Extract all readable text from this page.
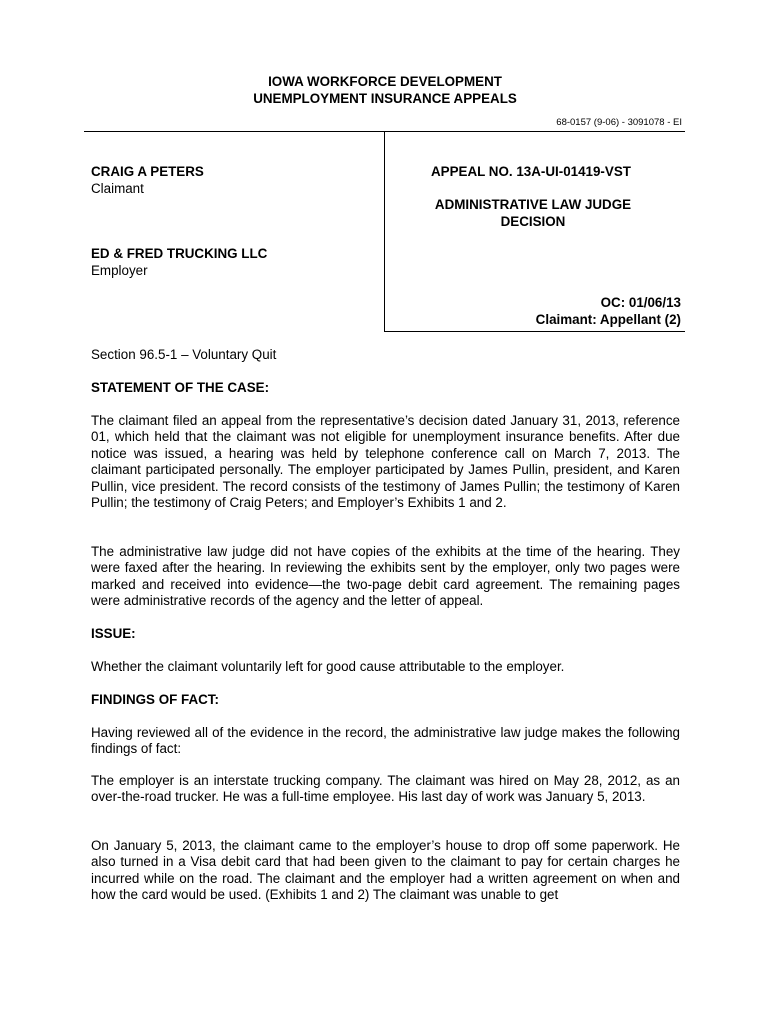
IOWA WORKFORCE DEVELOPMENT
UNEMPLOYMENT INSURANCE APPEALS
68-0157 (9-06) - 3091078 - EI
CRAIG A PETERS
Claimant
ED & FRED TRUCKING LLC
Employer
APPEAL NO. 13A-UI-01419-VST
ADMINISTRATIVE LAW JUDGE
DECISION
OC: 01/06/13
Claimant: Appellant (2)
Section 96.5-1 – Voluntary Quit
STATEMENT OF THE CASE:
The claimant filed an appeal from the representative’s decision dated January 31, 2013, reference 01, which held that the claimant was not eligible for unemployment insurance benefits. After due notice was issued, a hearing was held by telephone conference call on March 7, 2013. The claimant participated personally. The employer participated by James Pullin, president, and Karen Pullin, vice president. The record consists of the testimony of James Pullin; the testimony of Karen Pullin; the testimony of Craig Peters; and Employer’s Exhibits 1 and 2.
The administrative law judge did not have copies of the exhibits at the time of the hearing. They were faxed after the hearing. In reviewing the exhibits sent by the employer, only two pages were marked and received into evidence—the two-page debit card agreement. The remaining pages were administrative records of the agency and the letter of appeal.
ISSUE:
Whether the claimant voluntarily left for good cause attributable to the employer.
FINDINGS OF FACT:
Having reviewed all of the evidence in the record, the administrative law judge makes the following findings of fact:
The employer is an interstate trucking company. The claimant was hired on May 28, 2012, as an over-the-road trucker. He was a full-time employee. His last day of work was January 5, 2013.
On January 5, 2013, the claimant came to the employer’s house to drop off some paperwork. He also turned in a Visa debit card that had been given to the claimant to pay for certain charges he incurred while on the road. The claimant and the employer had a written agreement on when and how the card would be used. (Exhibits 1 and 2) The claimant was unable to get
